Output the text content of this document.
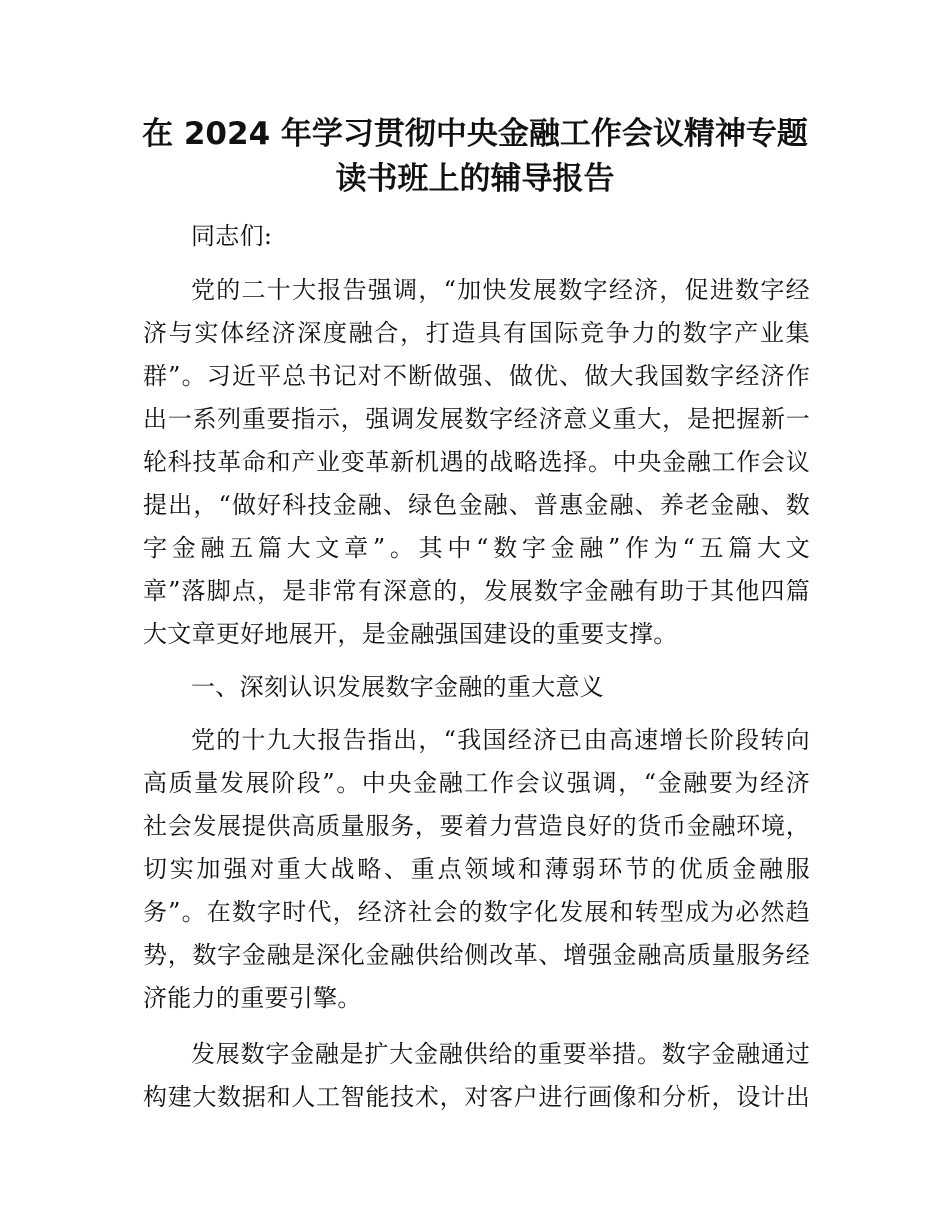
在 2024 年学习贯彻中央金融工作会议精神专题
读书班上的辅导报告

同志们:

党的二十大报告强调，“加快发展数字经济，促进数字经

济与实体经济深度融合，打造具有国际竞争力的数字产业集

群”。习近平总书记对不断做强、做优、做大我国数字经济作

出一系列重要指示，强调发展数字经济意义重大，是把握新一

轮科技革命和产业变革新机遇的战略选择。中央金融工作会议

提出，“做好科技金融、绿色金融、普惠金融、养老金融、数

字金融五篇大文章”。其中“数字金融”作为“五篇大文

章”落脚点，是非常有深意的，发展数字金融有助于其他四篇

大文章更好地展开，是金融强国建设的重要支撑。

一、深刻认识发展数字金融的重大意义

党的十九大报告指出，“我国经济已由高速增长阶段转向

高质量发展阶段”。中央金融工作会议强调，“金融要为经济

社会发展提供高质量服务，要着力营造良好的货币金融环境，

切实加强对重大战略、重点领域和薄弱环节的优质金融服

务”。在数字时代，经济社会的数字化发展和转型成为必然趋

势，数字金融是深化金融供给侧改革、增强金融高质量服务经

济能力的重要引擎。

发展数字金融是扩大金融供给的重要举措。数字金融通过

构建大数据和人工智能技术，对客户进行画像和分析，设计出
